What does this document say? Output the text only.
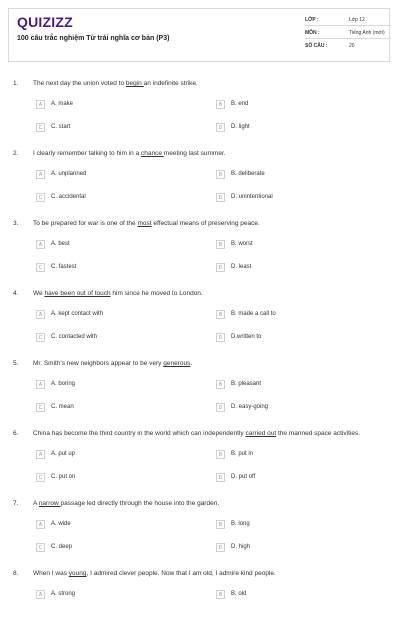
QUIZIZZ
100 câu trắc nghiệm Từ trái nghĩa cơ bản (P3)
LỚP :	Lớp 12
MÔN :	Tiếng Anh (mới)
SỐ CÂU :	20
1. The next day the union voted to begin an indefinite strike.
A	A. make	B	B. end
C	C. start	D	D. light
2. I clearly remember talking to him in a chance meeting last summer.
A	A. unplanned	B	B. deliberate
C	C. accidental	D	D. unintentional
3. To be prepared for war is one of the most effectual means of preserving peace.
A	A. best	B	B. worst
C	C. fastest	D	D. least
4. We have been out of touch him since he moved to London.
A	A. kept contact with	B	B. made a call to
C	C. contacted with	D	D.written to
5. Mr. Smith's new neighbors appear to be very generous.
A	A. boring	B	B. pleasant
C	C. mean	D	D. easy-going
6. China has become the third country in the world which can independently carried out the manned space activities.
A	A. put up	B	B. put in
C	C. put on	D	D. put off
7. A narrow passage led directly through the house into the garden.
A	A. wide	B	B. long
C	C. deep	D	D. high
8. When I was young, I admired clever people. Now that I am old, I admire kind people.
A	A. strong	B	B. old
